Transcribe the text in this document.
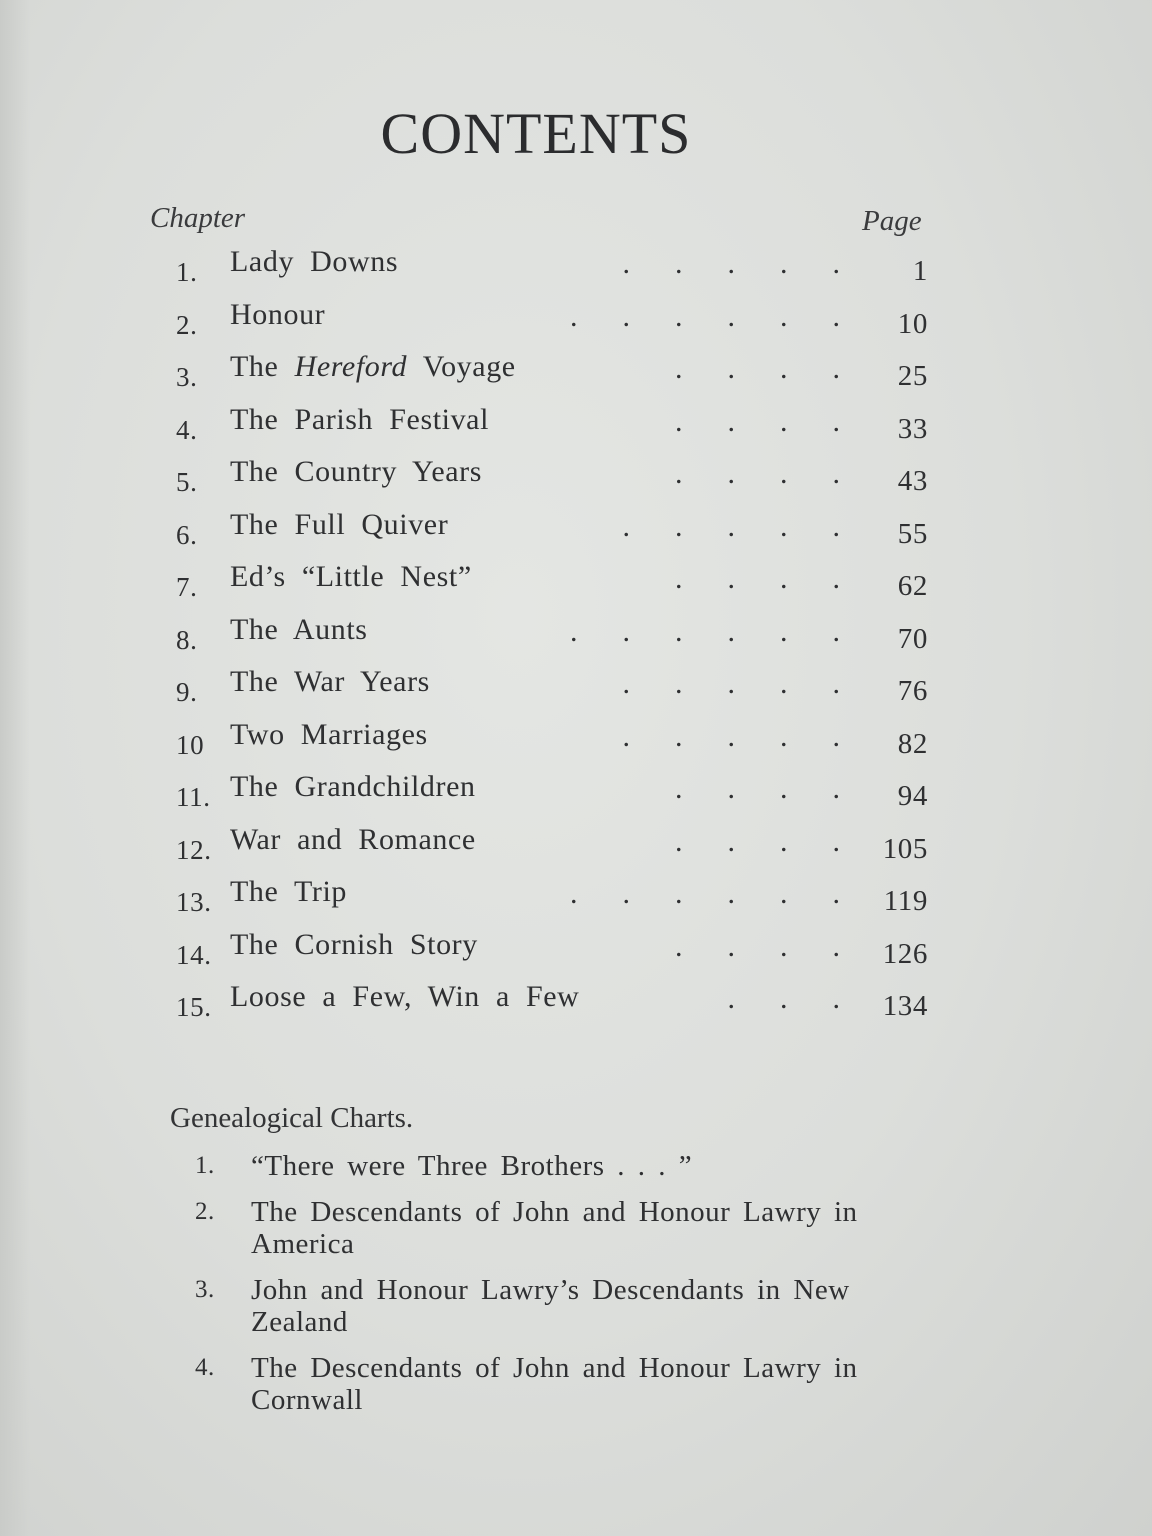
CONTENTS
Chapter	Page
1. Lady Downs	.      .      .      .      .	1
2. Honour	.      .      .      .      .      . 10
3. The Hereford Voyage	.      .      .      . 25
4. The Parish Festival	.      .      .      . 33
5. The Country Years	.      .      .      . 43
6. The Full Quiver	.      .      .      .      . 55
7. Ed’s “Little Nest”	.      .      .      . 62
8. The Aunts	.      .      .      .      .      . 70
9. The War Years	.      .      .      .      . 76
10 Two Marriages	.      .      .      .      . 82
11. The Grandchildren	.      .      .      . 94
12. War and Romance	.      .      .      . 105
13. The Trip	.      .      .      .      .      . 119
14. The Cornish Story	.      .      .      . 126
15. Loose a Few, Win a Few	.      .      . 134
Genealogical Charts.
1. “There were Three Brothers . . . ”
2. The Descendants of John and Honour Lawry in America
3. John and Honour Lawry’s Descendants in New Zealand
4. The Descendants of John and Honour Lawry in Cornwall
